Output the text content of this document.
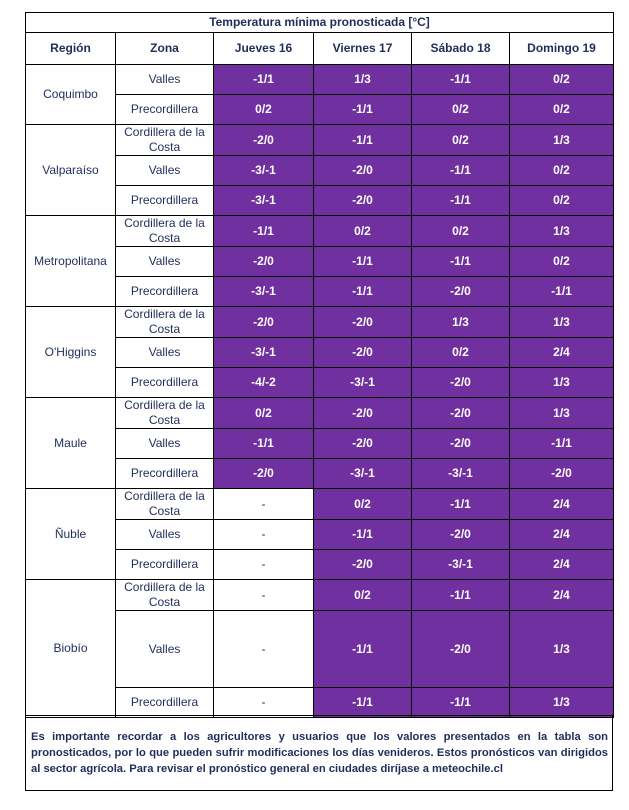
Temperatura mínima pronosticada [°C]					
Región	Zona	Jueves 16	Viernes 17	Sábado 18	Domingo 19
Coquimbo	Valles	-1/1	1/3	-1/1	0/2
	Precordillera	0/2	-1/1	0/2	0/2
Valparaíso	Cordillera de la Costa	-2/0	-1/1	0/2	1/3
	Valles	-3/-1	-2/0	-1/1	0/2
	Precordillera	-3/-1	-2/0	-1/1	0/2
Metropolitana	Cordillera de la Costa	-1/1	0/2	0/2	1/3
	Valles	-2/0	-1/1	-1/1	0/2
	Precordillera	-3/-1	-1/1	-2/0	-1/1
O'Higgins	Cordillera de la Costa	-2/0	-2/0	1/3	1/3
	Valles	-3/-1	-2/0	0/2	2/4
	Precordillera	-4/-2	-3/-1	-2/0	1/3
Maule	Cordillera de la Costa	0/2	-2/0	-2/0	1/3
	Valles	-1/1	-2/0	-2/0	-1/1
	Precordillera	-2/0	-3/-1	-3/-1	-2/0
Ñuble	Cordillera de la Costa	-	0/2	-1/1	2/4
	Valles	-	-1/1	-2/0	2/4
	Precordillera	-	-2/0	-3/-1	2/4
Biobío	Cordillera de la Costa	-	0/2	-1/1	2/4
	Valles	-	-1/1	-2/0	1/3
	Precordillera	-	-1/1	-1/1	1/3
Es importante recordar a los agricultores y usuarios que los valores presentados en la tabla son pronosticados, por lo que pueden sufrir modificaciones los días venideros. Estos pronósticos van dirigidos al sector agrícola. Para revisar el pronóstico general en ciudades diríjase a meteochile.cl
